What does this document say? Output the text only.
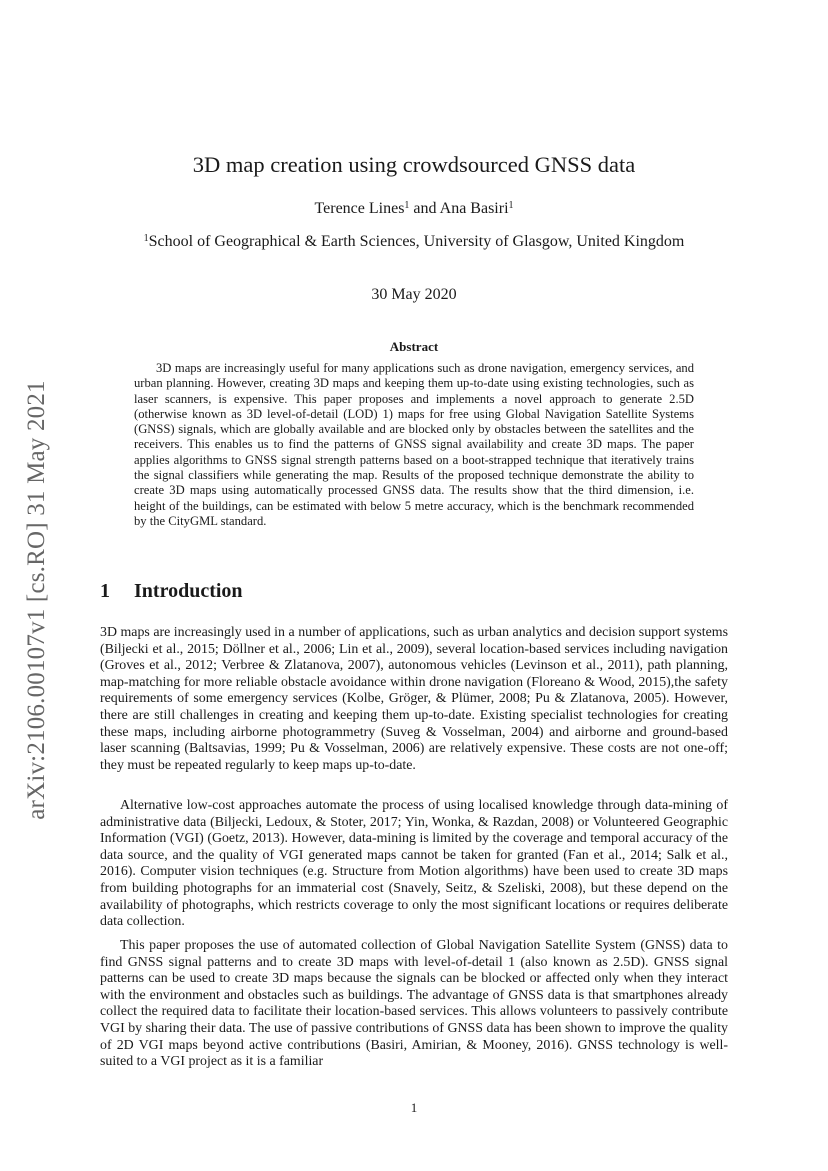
arXiv:2106.00107v1 [cs.RO] 31 May 2021
3D map creation using crowdsourced GNSS data
Terence Lines$^1$ and Ana Basiri$^1$
$^1$School of Geographical & Earth Sciences, University of Glasgow, United Kingdom
30 May 2020
Abstract

3D maps are increasingly useful for many applications such as drone navigation, emergency services, and urban planning. However, creating 3D maps and keeping them up-to-date using existing technologies, such as laser scanners, is expensive. This paper proposes and implements a novel approach to generate 2.5D (otherwise known as 3D level-of-detail (LOD) 1) maps for free using Global Navigation Satellite Systems (GNSS) signals, which are globally available and are blocked only by obstacles between the satellites and the receivers. This enables us to find the patterns of GNSS signal availability and create 3D maps. The paper applies algorithms to GNSS signal strength patterns based on a boot-strapped technique that iteratively trains the signal classifiers while generating the map. Results of the proposed technique demonstrate the ability to create 3D maps using automatically processed GNSS data. The results show that the third dimension, i.e. height of the buildings, can be estimated with below 5 metre accuracy, which is the benchmark recommended by the CityGML standard.

1 Introduction

3D maps are increasingly used in a number of applications, such as urban analytics and decision support systems (Biljecki et al., 2015; Döllner et al., 2006; Lin et al., 2009), several location-based services including navigation (Groves et al., 2012; Verbree & Zlatanova, 2007), autonomous vehicles (Levinson et al., 2011), path planning, map-matching for more reliable obstacle avoidance within drone navigation (Floreano & Wood, 2015),the safety requirements of some emergency services (Kolbe, Gröger, & Plümer, 2008; Pu & Zlatanova, 2005). However, there are still challenges in creating and keeping them up-to-date. Existing specialist technologies for creating these maps, including airborne photogrammetry (Suveg & Vosselman, 2004) and airborne and ground-based laser scanning (Baltsavias, 1999; Pu & Vosselman, 2006) are relatively expensive. These costs are not one-off; they must be repeated regularly to keep maps up-to-date.

Alternative low-cost approaches automate the process of using localised knowledge through data-mining of administrative data (Biljecki, Ledoux, & Stoter, 2017; Yin, Wonka, & Razdan, 2008) or Volunteered Geographic Information (VGI) (Goetz, 2013). However, data-mining is limited by the coverage and temporal accuracy of the data source, and the quality of VGI generated maps cannot be taken for granted (Fan et al., 2014; Salk et al., 2016). Computer vision techniques (e.g. Structure from Motion algorithms) have been used to create 3D maps from building photographs for an immaterial cost (Snavely, Seitz, & Szeliski, 2008), but these depend on the availability of photographs, which restricts coverage to only the most significant locations or requires deliberate data collection.

This paper proposes the use of automated collection of Global Navigation Satellite System (GNSS) data to find GNSS signal patterns and to create 3D maps with level-of-detail 1 (also known as 2.5D). GNSS signal patterns can be used to create 3D maps because the signals can be blocked or affected only when they interact with the environment and obstacles such as buildings. The advantage of GNSS data is that smartphones already collect the required data to facilitate their location-based services. This allows volunteers to passively contribute VGI by sharing their data. The use of passive contributions of GNSS data has been shown to improve the quality of 2D VGI maps beyond active contributions (Basiri, Amirian, & Mooney, 2016). GNSS technology is well-suited to a VGI project as it is a familiar

1
